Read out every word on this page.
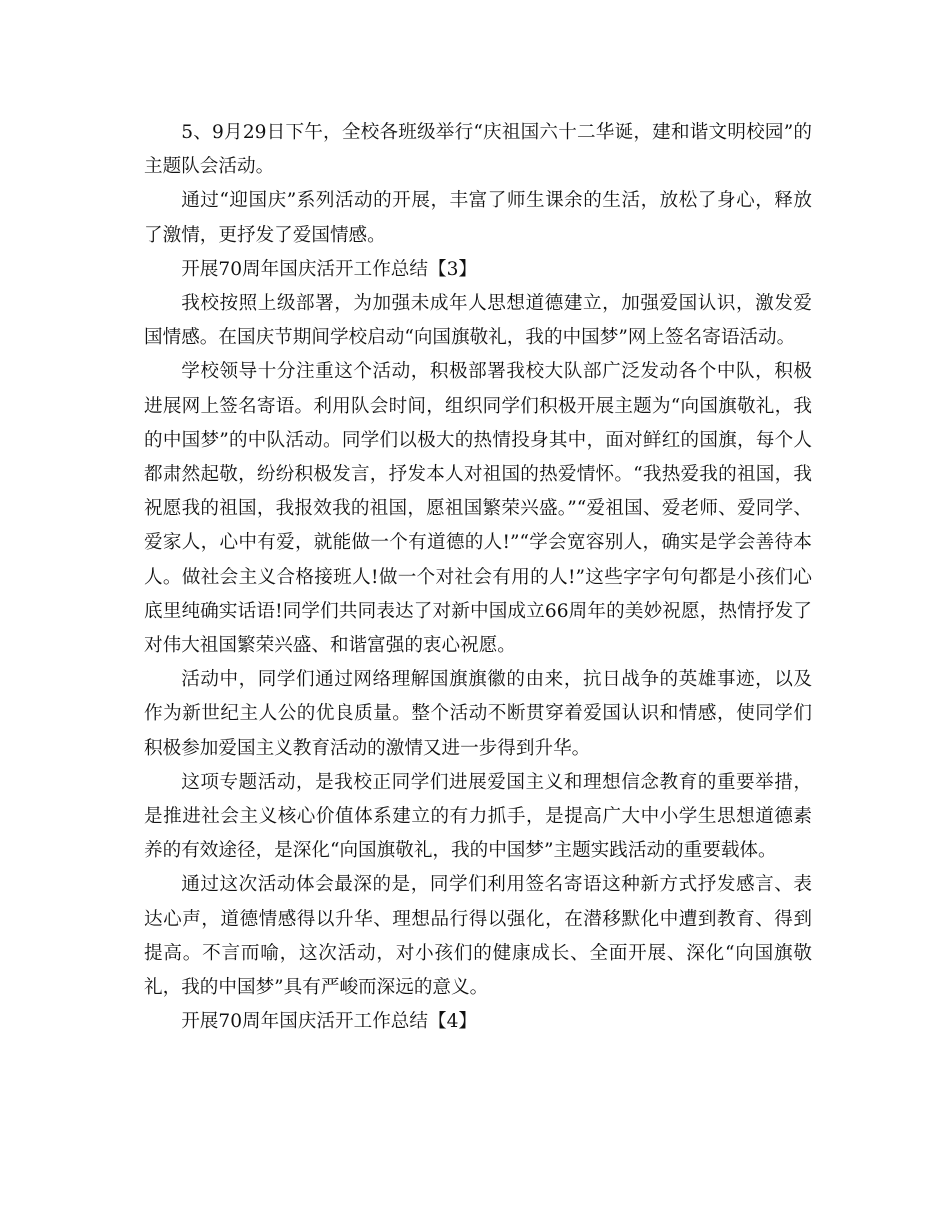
5、9月29日下午，全校各班级举行“庆祖国六十二华诞，建和谐文明校园”的主题队会活动。

通过“迎国庆”系列活动的开展，丰富了师生课余的生活，放松了身心，释放了激情，更抒发了爱国情感。

开展70周年国庆活开工作总结【3】

我校按照上级部署，为加强未成年人思想道德建立，加强爱国认识，激发爱国情感。在国庆节期间学校启动“向国旗敬礼，我的中国梦”网上签名寄语活动。

学校领导十分注重这个活动，积极部署我校大队部广泛发动各个中队，积极进展网上签名寄语。利用队会时间，组织同学们积极开展主题为“向国旗敬礼，我的中国梦”的中队活动。同学们以极大的热情投身其中，面对鲜红的国旗，每个人都肃然起敬，纷纷积极发言，抒发本人对祖国的热爱情怀。“我热爱我的祖国，我祝愿我的祖国，我报效我的祖国，愿祖国繁荣兴盛。”“爱祖国、爱老师、爱同学、爱家人，心中有爱，就能做一个有道德的人!”“学会宽容别人，确实是学会善待本人。做社会主义合格接班人!做一个对社会有用的人!”这些字字句句都是小孩们心底里纯确实话语!同学们共同表达了对新中国成立66周年的美妙祝愿，热情抒发了对伟大祖国繁荣兴盛、和谐富强的衷心祝愿。

活动中，同学们通过网络理解国旗旗徽的由来，抗日战争的英雄事迹，以及作为新世纪主人公的优良质量。整个活动不断贯穿着爱国认识和情感，使同学们积极参加爱国主义教育活动的激情又进一步得到升华。

这项专题活动，是我校正同学们进展爱国主义和理想信念教育的重要举措，是推进社会主义核心价值体系建立的有力抓手，是提高广大中小学生思想道德素养的有效途径，是深化“向国旗敬礼，我的中国梦”主题实践活动的重要载体。

通过这次活动体会最深的是，同学们利用签名寄语这种新方式抒发感言、表达心声，道德情感得以升华、理想品行得以强化，在潜移默化中遭到教育、得到提高。不言而喻，这次活动，对小孩们的健康成长、全面开展、深化“向国旗敬礼，我的中国梦”具有严峻而深远的意义。

开展70周年国庆活开工作总结【4】
